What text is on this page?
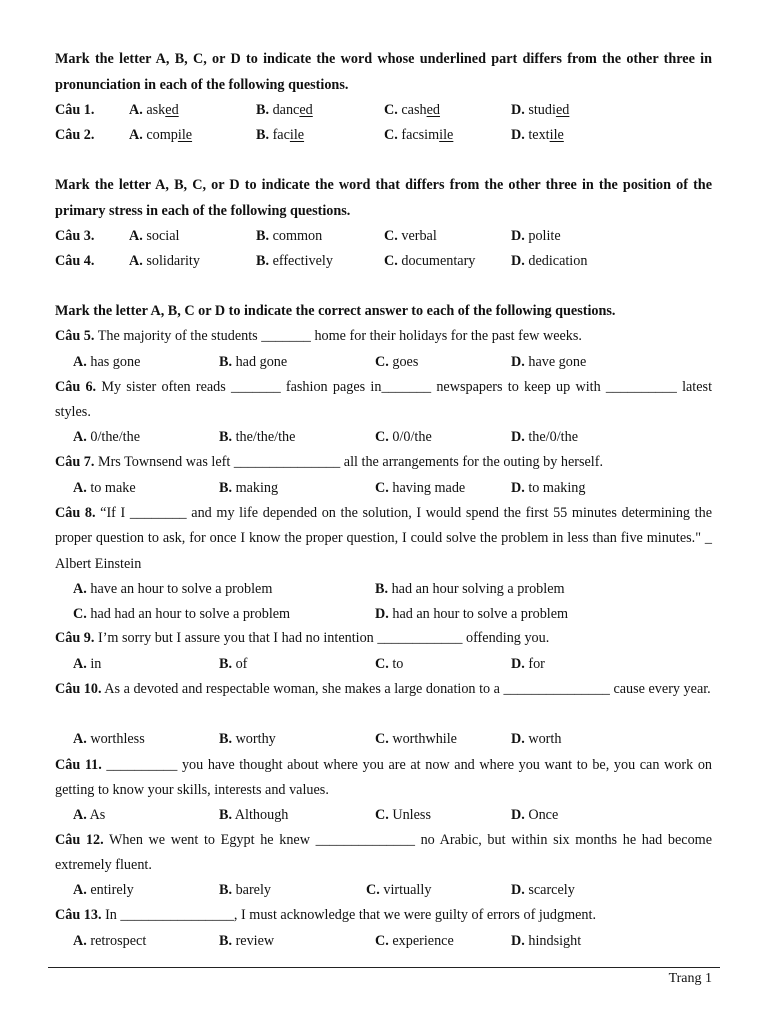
Mark the letter A, B, C, or D to indicate the word whose underlined part differs from the other three in pronunciation in each of the following questions.
Câu 1. A. asked	B. danced	C. cashed	D. studied
Câu 2. A. compile	B. facile	C. facsimile	D. textile
Mark the letter A, B, C, or D to indicate the word that differs from the other three in the position of the primary stress in each of the following questions.
Câu 3. A. social	B. common	C. verbal	D. polite
Câu 4. A. solidarity	B. effectively	C. documentary	D. dedication
Mark the letter A, B, C or D to indicate the correct answer to each of the following questions.
Câu 5. The majority of the students _______ home for their holidays for the past few weeks.
A. has gone	B. had gone	C. goes	D. have gone
Câu 6. My sister often reads _______ fashion pages in_______ newspapers to keep up with __________ latest styles.
A. 0/the/the	B. the/the/the	C. 0/0/the	D. the/0/the
Câu 7. Mrs Townsend was left _______________ all the arrangements for the outing by herself.
A. to make	B. making	C. having made	D. to making
Câu 8. “If I ________ and my life depended on the solution, I would spend the first 55 minutes determining the proper question to ask, for once I know the proper question, I could solve the problem in less than five minutes." _ Albert Einstein
A. have an hour to solve a problem	B. had an hour solving a problem
C. had had an hour to solve a problem	D. had an hour to solve a problem
Câu 9. I’m sorry but I assure you that I had no intention ____________ offending you.
A. in	B. of	C. to	D. for
Câu 10. As a devoted and respectable woman, she makes a large donation to a _______________ cause every year.
A. worthless	B. worthy	C. worthwhile	D. worth
Câu 11. __________ you have thought about where you are at now and where you want to be, you can work on getting to know your skills, interests and values.
A. As	B. Although	C. Unless	D. Once
Câu 12. When we went to Egypt he knew ______________ no Arabic, but within six months he had become extremely fluent.
A. entirely	B. barely	C. virtually	D. scarcely
Câu 13. In ________________, I must acknowledge that we were guilty of errors of judgment.
A. retrospect	B. review	C. experience	D. hindsight
Trang 1
